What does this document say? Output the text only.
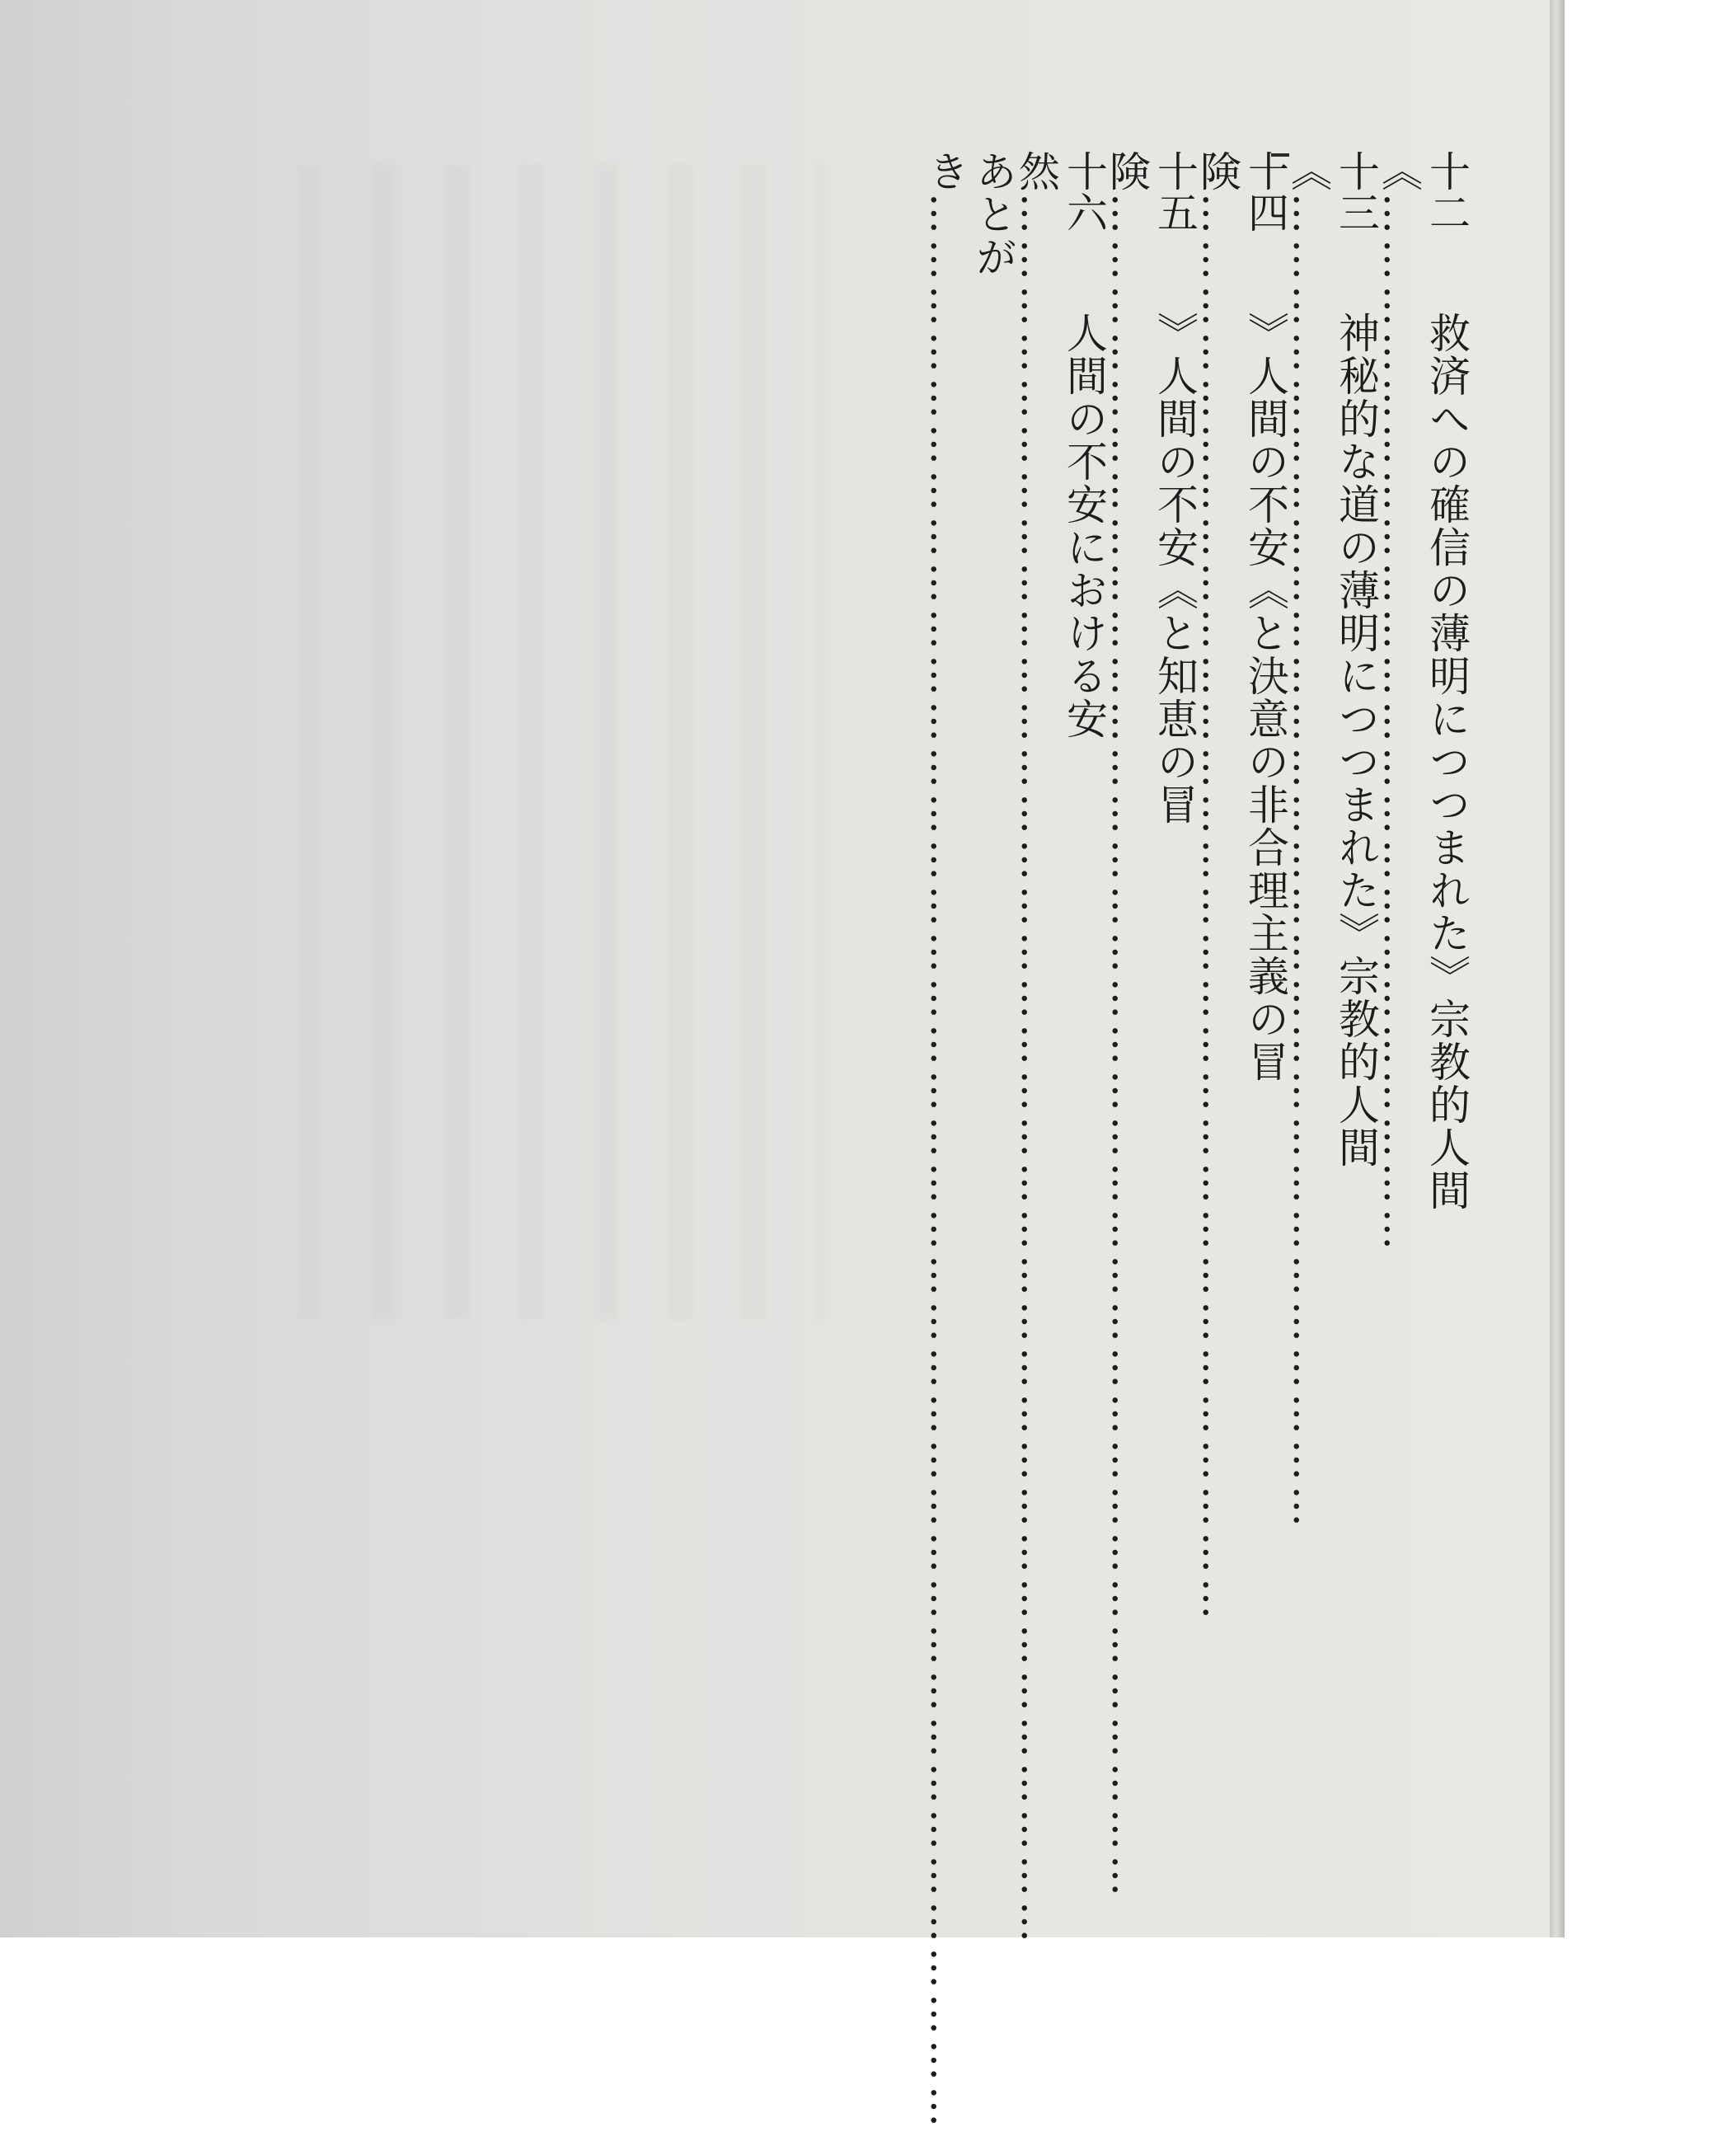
十二救済への確信の薄明につつまれた》宗教的人間《……………………………………………………………
十三神秘的な道の薄明につつまれた》宗教的人間《……………………………………………………………………………
十四》人間の不安《と決意の非合理主義の冒険…………………………………………………………………………………
十五》人間の不安《と知恵の冒険…………………………………………………………………………………………………
十六人間の不安における安然……………………………………………………………………………………………………
あとがき………………………………………………………………………………………………………………
